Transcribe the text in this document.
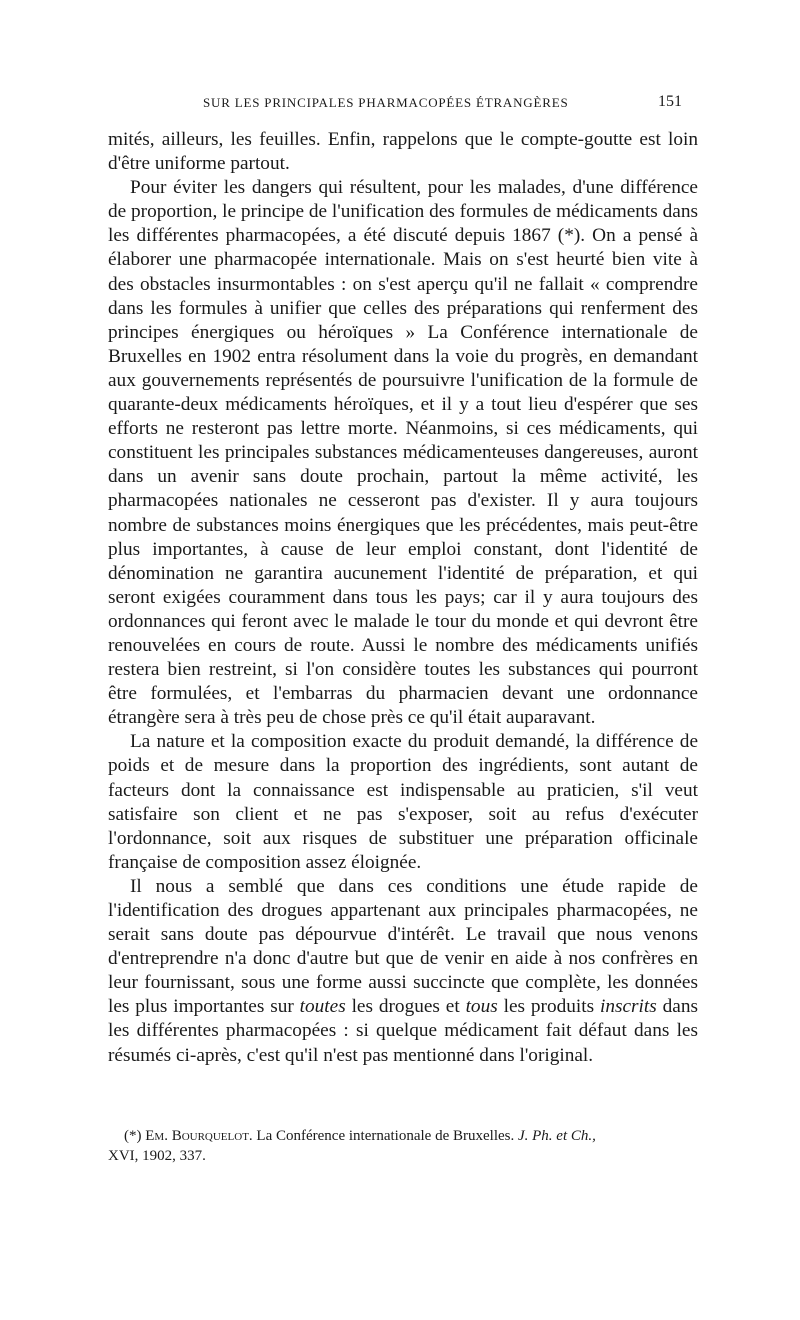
SUR LES PRINCIPALES PHARMACOPÉES ÉTRANGÈRES	151

mités, ailleurs, les feuilles. Enfin, rappelons que le compte-goutte est loin d'être uniforme partout.

Pour éviter les dangers qui résultent, pour les malades, d'une différence de proportion, le principe de l'unification des formules de médicaments dans les différentes pharmacopées, a été discuté depuis 1867 (*). On a pensé à élaborer une pharmacopée internationale. Mais on s'est heurté bien vite à des obstacles insurmontables : on s'est aperçu qu'il ne fallait « comprendre dans les formules à unifier que celles des préparations qui renferment des principes énergiques ou héroïques » La Conférence internationale de Bruxelles en 1902 entra résolument dans la voie du progrès, en demandant aux gouvernements représentés de poursuivre l'unification de la formule de quarante-deux médicaments héroïques, et il y a tout lieu d'espérer que ses efforts ne resteront pas lettre morte. Néanmoins, si ces médicaments, qui constituent les principales substances médicamenteuses dangereuses, auront dans un avenir sans doute prochain, partout la même activité, les pharmacopées nationales ne cesseront pas d'exister. Il y aura toujours nombre de substances moins énergiques que les précédentes, mais peut-être plus importantes, à cause de leur emploi constant, dont l'identité de dénomination ne garantira aucunement l'identité de préparation, et qui seront exigées couramment dans tous les pays; car il y aura toujours des ordonnances qui feront avec le malade le tour du monde et qui devront être renouvelées en cours de route. Aussi le nombre des médicaments unifiés restera bien restreint, si l'on considère toutes les substances qui pourront être formulées, et l'embarras du pharmacien devant une ordonnance étrangère sera à très peu de chose près ce qu'il était auparavant.

La nature et la composition exacte du produit demandé, la différence de poids et de mesure dans la proportion des ingrédients, sont autant de facteurs dont la connaissance est indispensable au praticien, s'il veut satisfaire son client et ne pas s'exposer, soit au refus d'exécuter l'ordonnance, soit aux risques de substituer une préparation officinale française de composition assez éloignée.

Il nous a semblé que dans ces conditions une étude rapide de l'identification des drogues appartenant aux principales pharmacopées, ne serait sans doute pas dépourvue d'intérêt. Le travail que nous venons d'entreprendre n'a donc d'autre but que de venir en aide à nos confrères en leur fournissant, sous une forme aussi succincte que complète, les données les plus importantes sur toutes les drogues et tous les produits inscrits dans les différentes pharmacopées : si quelque médicament fait défaut dans les résumés ci-après, c'est qu'il n'est pas mentionné dans l'original.

(*) Em. Bourquelot. La Conférence internationale de Bruxelles. J. Ph. et Ch.,
XVI, 1902, 337.
